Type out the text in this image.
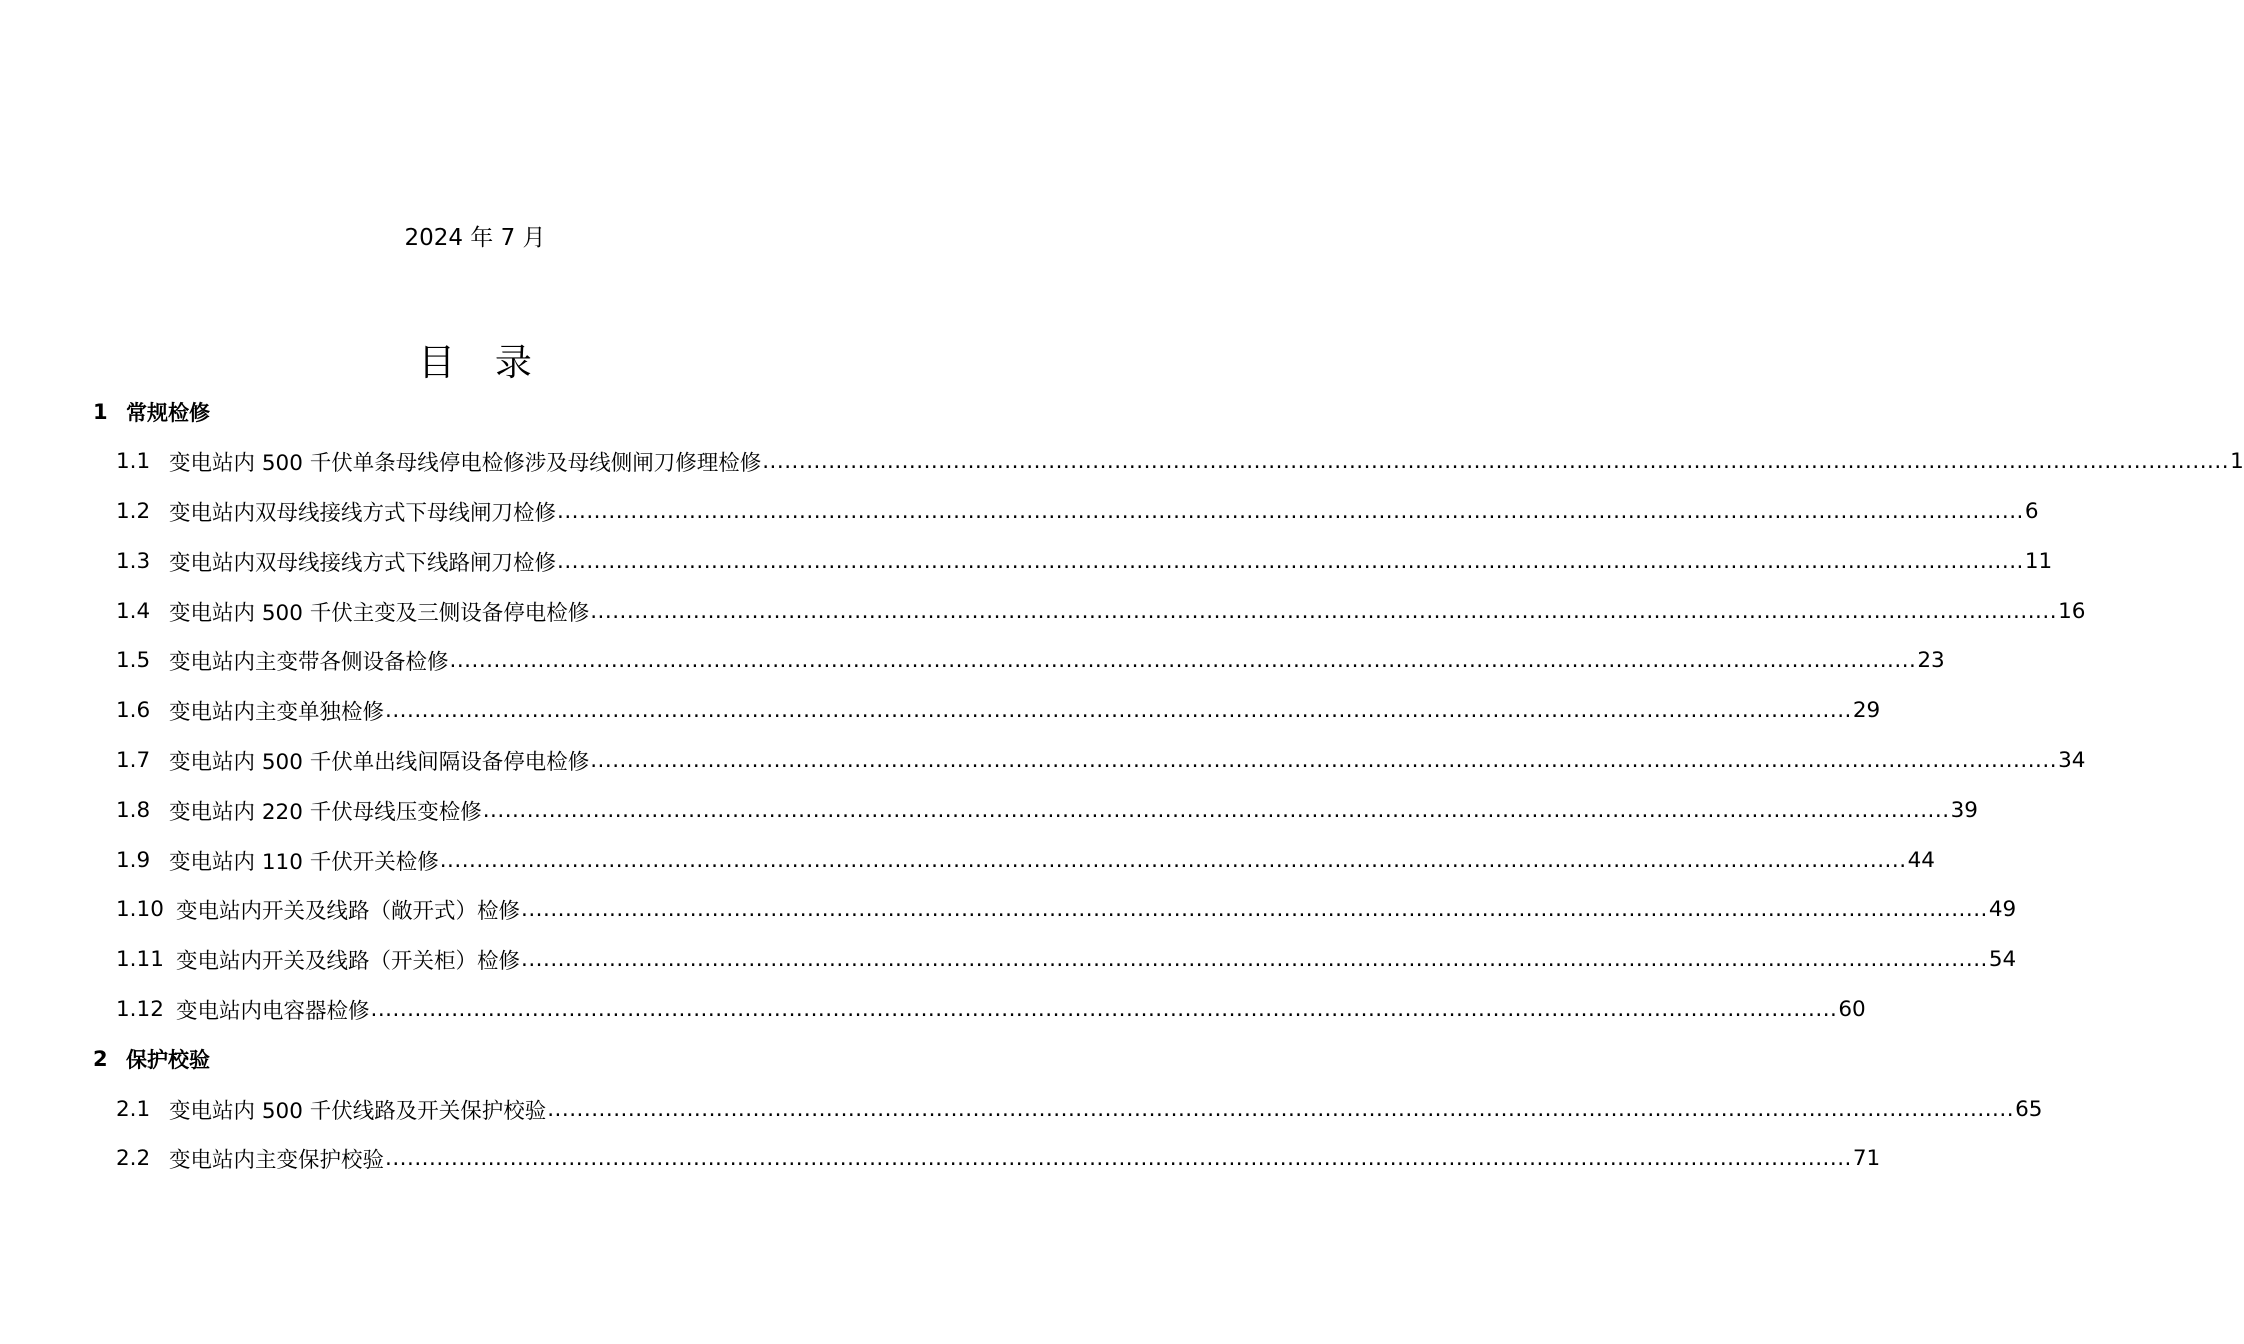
2024 年 7 月
目 录
1 常规检修
1.1 变电站内 500 千伏单条母线停电检修涉及母线侧闸刀修理检修 ........................................................................................................................................................................................................ 1
1.2 变电站内双母线接线方式下母线闸刀检修 ........................................................................................................................................................................................................ 6
1.3 变电站内双母线接线方式下线路闸刀检修 ........................................................................................................................................................................................................ 11
1.4 变电站内 500 千伏主变及三侧设备停电检修 ........................................................................................................................................................................................................ 16
1.5 变电站内主变带各侧设备检修 ........................................................................................................................................................................................................ 23
1.6 变电站内主变单独检修 ........................................................................................................................................................................................................ 29
1.7 变电站内 500 千伏单出线间隔设备停电检修 ........................................................................................................................................................................................................ 34
1.8 变电站内 220 千伏母线压变检修 ........................................................................................................................................................................................................ 39
1.9 变电站内 110 千伏开关检修 ........................................................................................................................................................................................................ 44
1.10 变电站内开关及线路（敞开式）检修 ........................................................................................................................................................................................................ 49
1.11 变电站内开关及线路（开关柜）检修 ........................................................................................................................................................................................................ 54
1.12 变电站内电容器检修 ........................................................................................................................................................................................................ 60
2 保护校验
2.1 变电站内 500 千伏线路及开关保护校验 ........................................................................................................................................................................................................ 65
2.2 变电站内主变保护校验 ........................................................................................................................................................................................................ 71
